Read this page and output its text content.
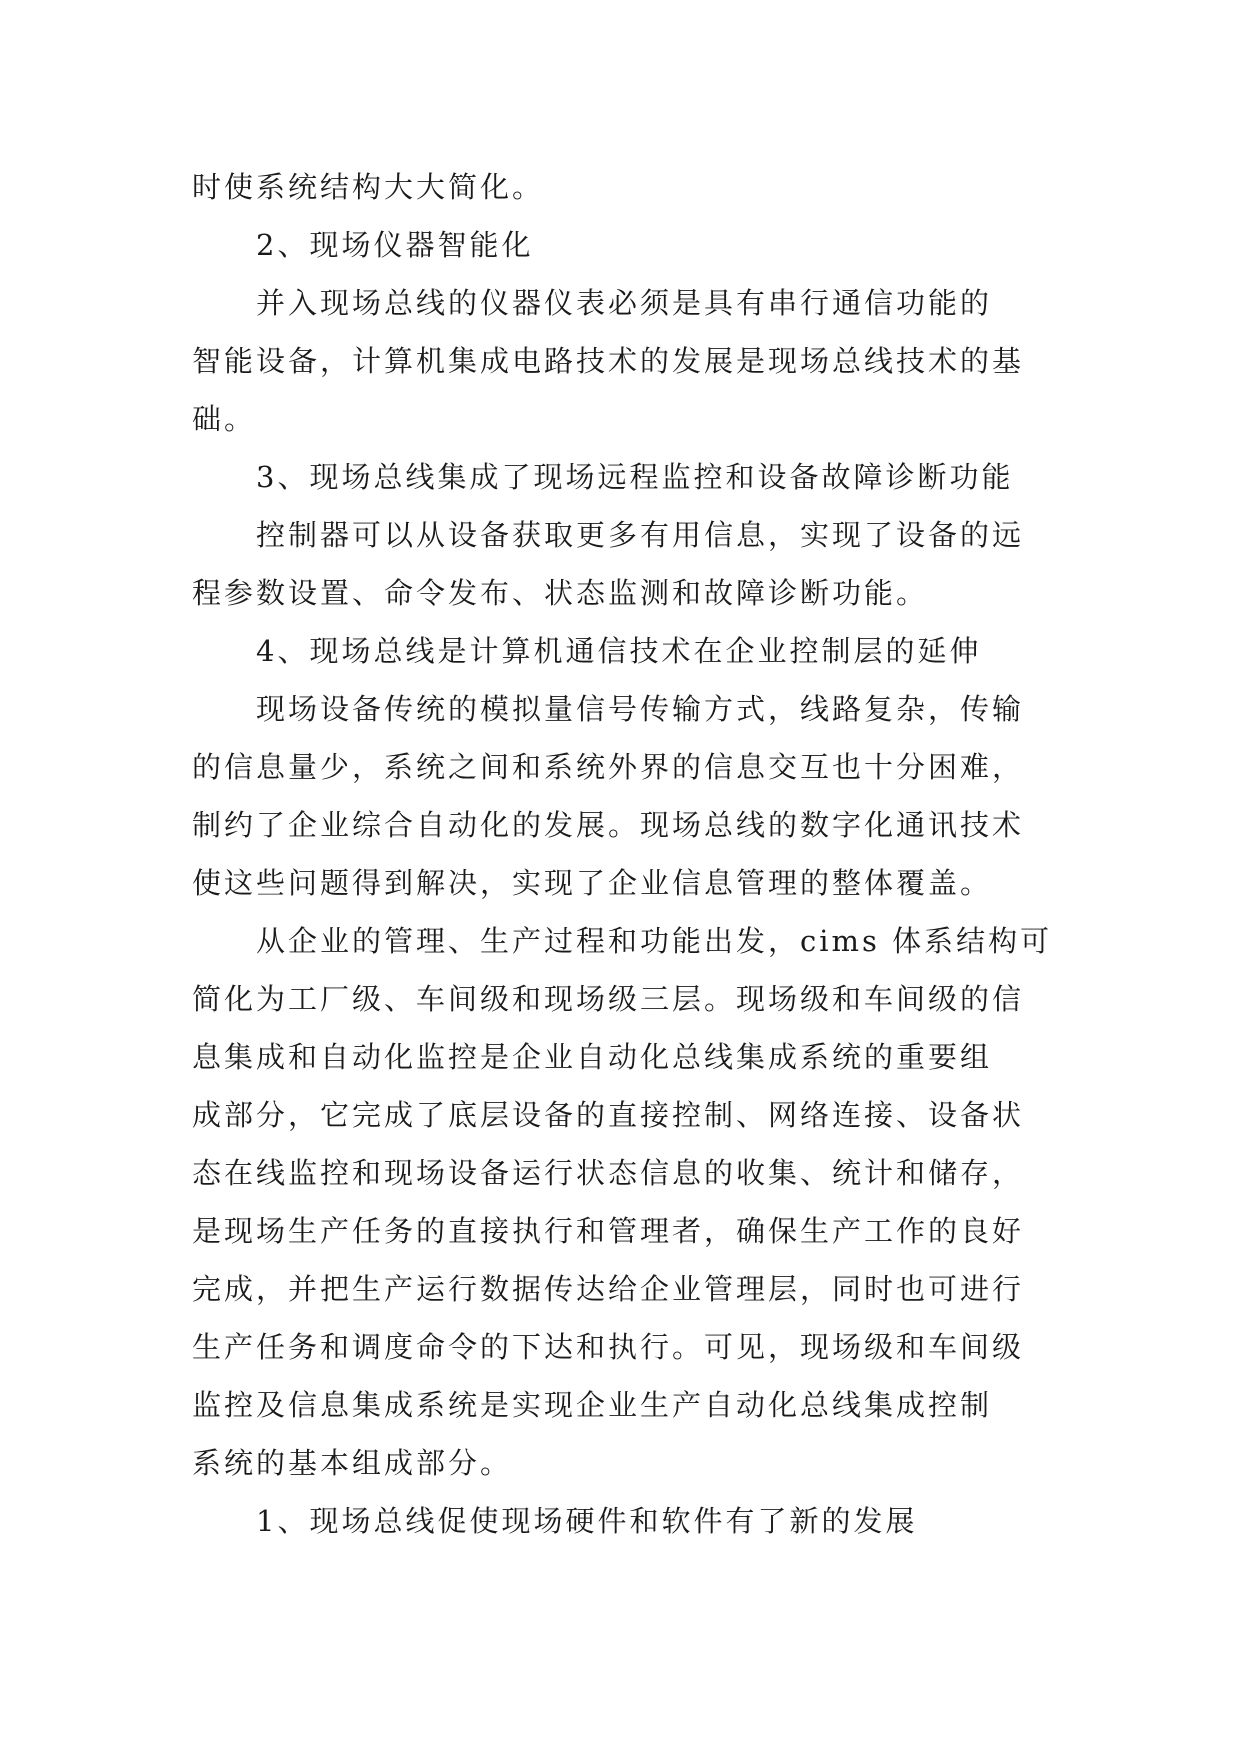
时使系统结构大大简化。
2、现场仪器智能化
并入现场总线的仪器仪表必须是具有串行通信功能的
智能设备，计算机集成电路技术的发展是现场总线技术的基
础。
3、现场总线集成了现场远程监控和设备故障诊断功能
控制器可以从设备获取更多有用信息，实现了设备的远
程参数设置、命令发布、状态监测和故障诊断功能。
4、现场总线是计算机通信技术在企业控制层的延伸
现场设备传统的模拟量信号传输方式，线路复杂，传输
的信息量少，系统之间和系统外界的信息交互也十分困难，
制约了企业综合自动化的发展。现场总线的数字化通讯技术
使这些问题得到解决，实现了企业信息管理的整体覆盖。
从企业的管理、生产过程和功能出发，cims 体系结构可
简化为工厂级、车间级和现场级三层。现场级和车间级的信
息集成和自动化监控是企业自动化总线集成系统的重要组
成部分，它完成了底层设备的直接控制、网络连接、设备状
态在线监控和现场设备运行状态信息的收集、统计和储存，
是现场生产任务的直接执行和管理者，确保生产工作的良好
完成，并把生产运行数据传达给企业管理层，同时也可进行
生产任务和调度命令的下达和执行。可见，现场级和车间级
监控及信息集成系统是实现企业生产自动化总线集成控制
系统的基本组成部分。
1、现场总线促使现场硬件和软件有了新的发展
